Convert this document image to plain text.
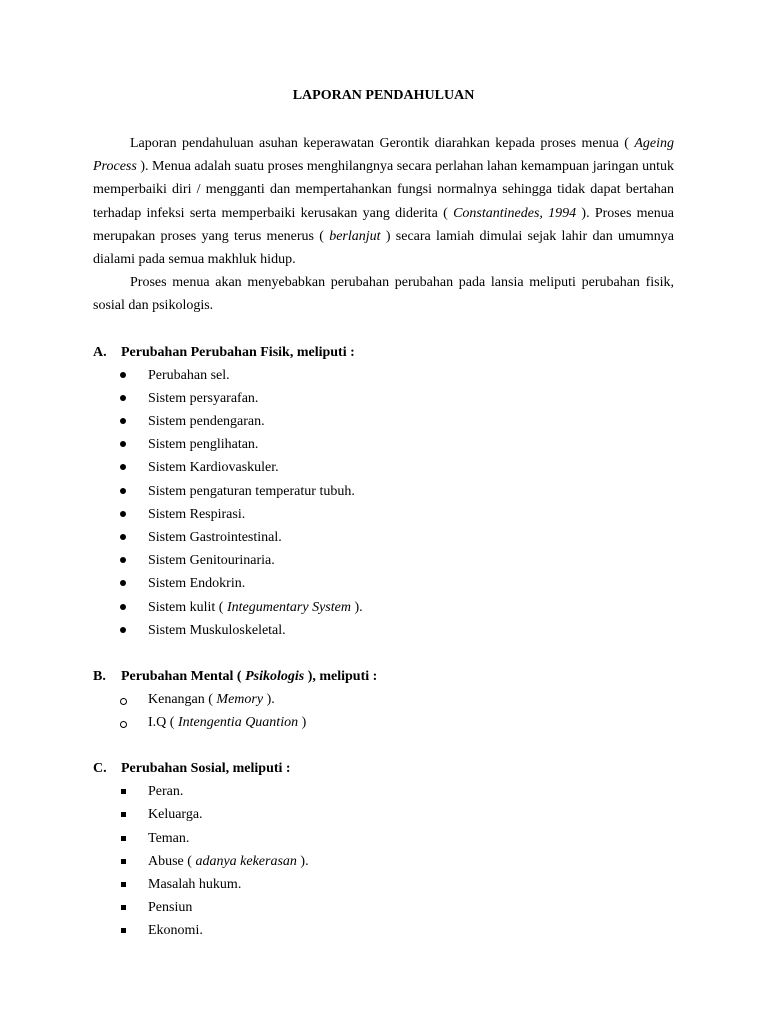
LAPORAN PENDAHULUAN

Laporan pendahuluan asuhan keperawatan Gerontik diarahkan kepada proses menua ( Ageing Process ). Menua adalah suatu proses menghilangnya secara perlahan lahan kemampuan jaringan untuk memperbaiki diri / mengganti dan mempertahankan fungsi normalnya sehingga tidak dapat bertahan terhadap infeksi serta memperbaiki kerusakan yang diderita ( Constantinedes, 1994 ). Proses menua merupakan proses yang terus menerus ( berlanjut ) secara lamiah dimulai sejak lahir dan umumnya dialami pada semua makhluk hidup.

Proses menua akan menyebabkan perubahan perubahan pada lansia meliputi perubahan fisik, sosial dan psikologis.

A.	Perubahan Perubahan Fisik, meliputi :
Perubahan sel.
Sistem persyarafan.
Sistem pendengaran.
Sistem penglihatan.
Sistem Kardiovaskuler.
Sistem pengaturan temperatur tubuh.
Sistem Respirasi.
Sistem Gastrointestinal.
Sistem Genitourinaria.
Sistem Endokrin.
Sistem kulit ( Integumentary System ).
Sistem Muskuloskeletal.
B.	Perubahan Mental ( Psikologis ), meliputi :
Kenangan ( Memory ).
I.Q ( Intengentia Quantion )
C.	Perubahan Sosial, meliputi :
Peran.
Keluarga.
Teman.
Abuse ( adanya kekerasan ).
Masalah hukum.
Pensiun
Ekonomi.
